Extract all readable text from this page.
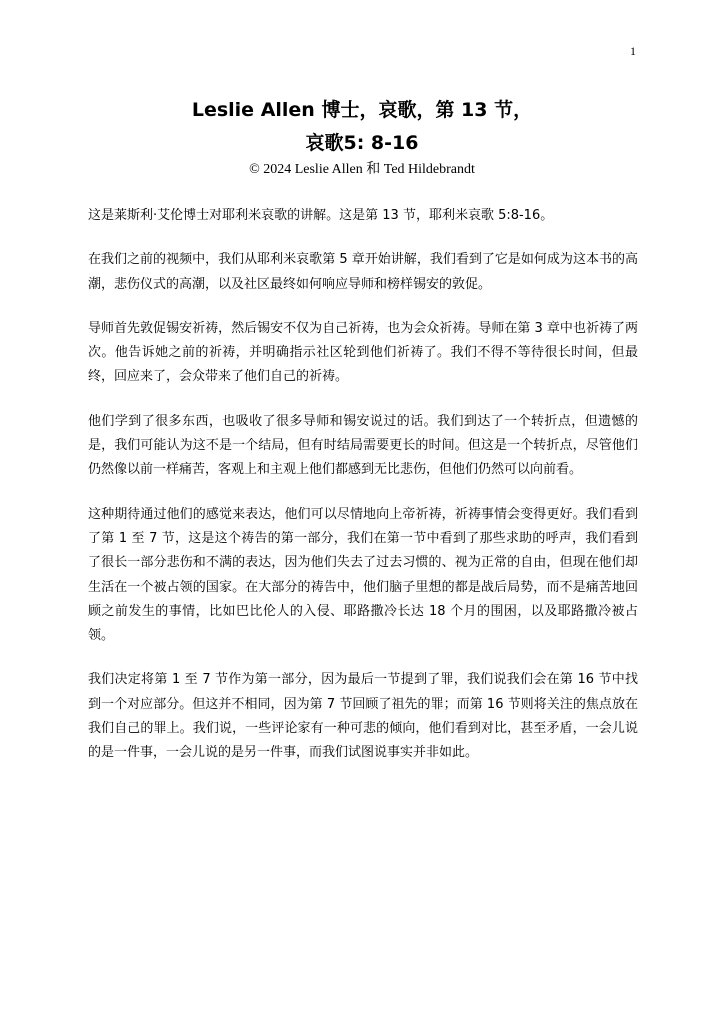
1
Leslie Allen 博士，哀歌，第 13 节，
哀歌5: 8-16
© 2024 Leslie Allen 和 Ted Hildebrandt

这是莱斯利·艾伦博士对耶利米哀歌的讲解。这是第 13 节，耶利米哀歌 5:8-16。

在我们之前的视频中，我们从耶利米哀歌第 5 章开始讲解，我们看到了它是如何成为这本书的高潮，悲伤仪式的高潮，以及社区最终如何响应导师和榜样锡安的敦促。

导师首先敦促锡安祈祷，然后锡安不仅为自己祈祷，也为会众祈祷。导师在第 3 章中也祈祷了两次。他告诉她之前的祈祷，并明确指示社区轮到他们祈祷了。我们不得不等待很长时间，但最终，回应来了，会众带来了他们自己的祈祷。

他们学到了很多东西，也吸收了很多导师和锡安说过的话。我们到达了一个转折点，但遗憾的是，我们可能认为这不是一个结局，但有时结局需要更长的时间。但这是一个转折点，尽管他们仍然像以前一样痛苦，客观上和主观上他们都感到无比悲伤，但他们仍然可以向前看。

这种期待通过他们的感觉来表达，他们可以尽情地向上帝祈祷，祈祷事情会变得更好。我们看到了第 1 至 7 节，这是这个祷告的第一部分，我们在第一节中看到了那些求助的呼声，我们看到了很长一部分悲伤和不满的表达，因为他们失去了过去习惯的、视为正常的自由，但现在他们却生活在一个被占领的国家。在大部分的祷告中，他们脑子里想的都是战后局势，而不是痛苦地回顾之前发生的事情，比如巴比伦人的入侵、耶路撒冷长达 18 个月的围困，以及耶路撒冷被占领。

我们决定将第 1 至 7 节作为第一部分，因为最后一节提到了罪，我们说我们会在第 16 节中找到一个对应部分。但这并不相同，因为第 7 节回顾了祖先的罪；而第 16 节则将关注的焦点放在我们自己的罪上。我们说，一些评论家有一种可悲的倾向，他们看到对比，甚至矛盾，一会儿说的是一件事，一会儿说的是另一件事，而我们试图说事实并非如此。
